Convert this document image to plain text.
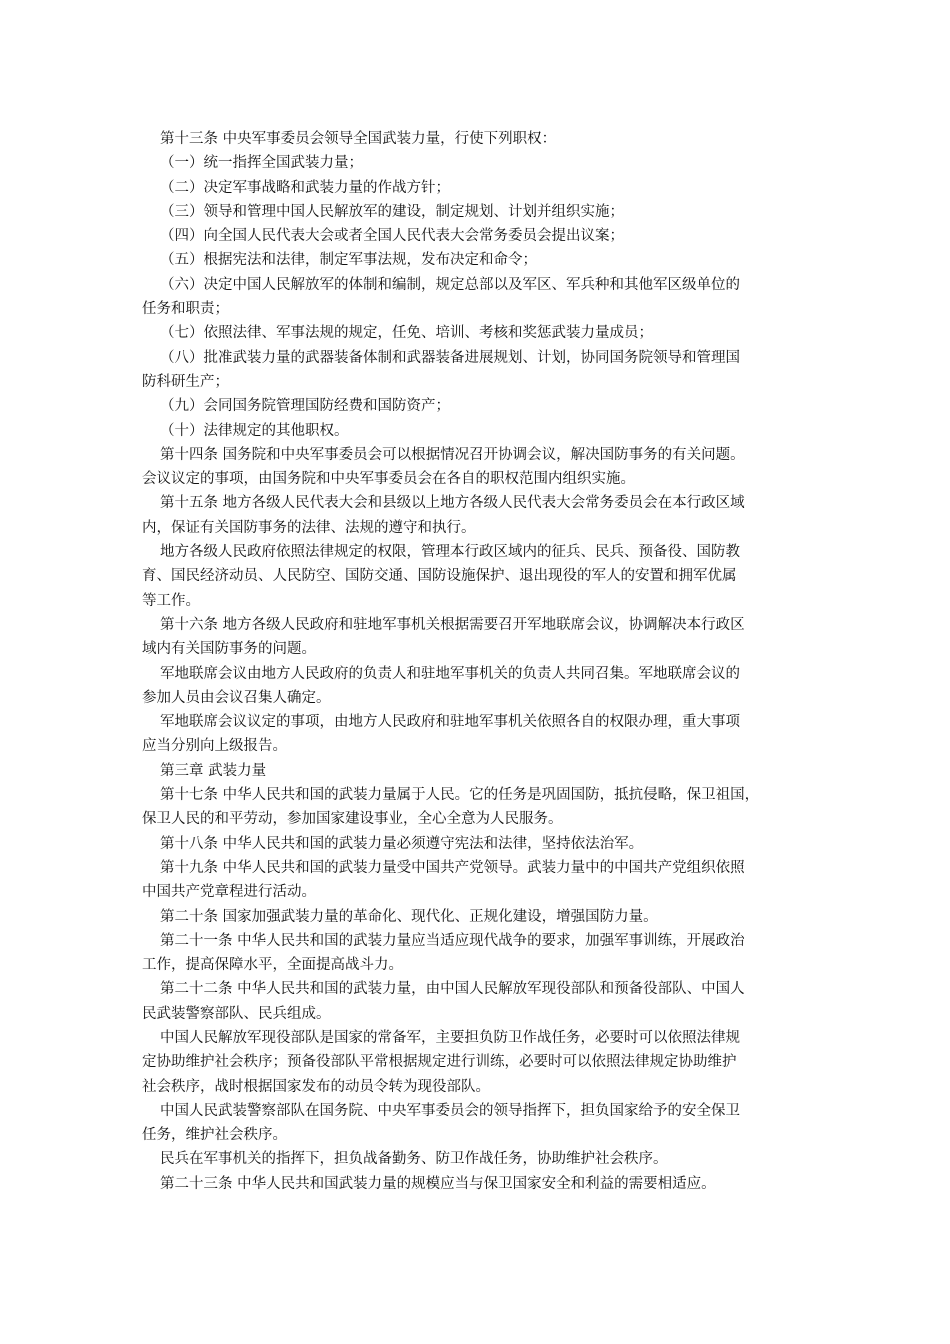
第十三条 中央军事委员会领导全国武装力量，行使下列职权：

（一）统一指挥全国武装力量；

（二）决定军事战略和武装力量的作战方针；

（三）领导和管理中国人民解放军的建设，制定规划、计划并组织实施；

（四）向全国人民代表大会或者全国人民代表大会常务委员会提出议案；

（五）根据宪法和法律，制定军事法规，发布决定和命令；

（六）决定中国人民解放军的体制和编制，规定总部以及军区、军兵种和其他军区级单位的

任务和职责；

（七）依照法律、军事法规的规定，任免、培训、考核和奖惩武装力量成员；

（八）批准武装力量的武器装备体制和武器装备进展规划、计划，协同国务院领导和管理国

防科研生产；

（九）会同国务院管理国防经费和国防资产；

（十）法律规定的其他职权。

第十四条 国务院和中央军事委员会可以根据情况召开协调会议，解决国防事务的有关问题。

会议议定的事项，由国务院和中央军事委员会在各自的职权范围内组织实施。

第十五条 地方各级人民代表大会和县级以上地方各级人民代表大会常务委员会在本行政区域

内，保证有关国防事务的法律、法规的遵守和执行。

地方各级人民政府依照法律规定的权限，管理本行政区域内的征兵、民兵、预备役、国防教

育、国民经济动员、人民防空、国防交通、国防设施保护、退出现役的军人的安置和拥军优属

等工作。

第十六条 地方各级人民政府和驻地军事机关根据需要召开军地联席会议，协调解决本行政区

域内有关国防事务的问题。

军地联席会议由地方人民政府的负责人和驻地军事机关的负责人共同召集。军地联席会议的

参加人员由会议召集人确定。

军地联席会议议定的事项，由地方人民政府和驻地军事机关依照各自的权限办理，重大事项

应当分别向上级报告。

第三章 武装力量

第十七条 中华人民共和国的武装力量属于人民。它的任务是巩固国防，抵抗侵略，保卫祖国，

保卫人民的和平劳动，参加国家建设事业，全心全意为人民服务。

第十八条 中华人民共和国的武装力量必须遵守宪法和法律，坚持依法治军。

第十九条 中华人民共和国的武装力量受中国共产党领导。武装力量中的中国共产党组织依照

中国共产党章程进行活动。

第二十条 国家加强武装力量的革命化、现代化、正规化建设，增强国防力量。

第二十一条 中华人民共和国的武装力量应当适应现代战争的要求，加强军事训练，开展政治

工作，提高保障水平，全面提高战斗力。

第二十二条 中华人民共和国的武装力量，由中国人民解放军现役部队和预备役部队、中国人

民武装警察部队、民兵组成。

中国人民解放军现役部队是国家的常备军，主要担负防卫作战任务，必要时可以依照法律规

定协助维护社会秩序；预备役部队平常根据规定进行训练，必要时可以依照法律规定协助维护

社会秩序，战时根据国家发布的动员令转为现役部队。

中国人民武装警察部队在国务院、中央军事委员会的领导指挥下，担负国家给予的安全保卫

任务，维护社会秩序。

民兵在军事机关的指挥下，担负战备勤务、防卫作战任务，协助维护社会秩序。

第二十三条 中华人民共和国武装力量的规模应当与保卫国家安全和利益的需要相适应。
